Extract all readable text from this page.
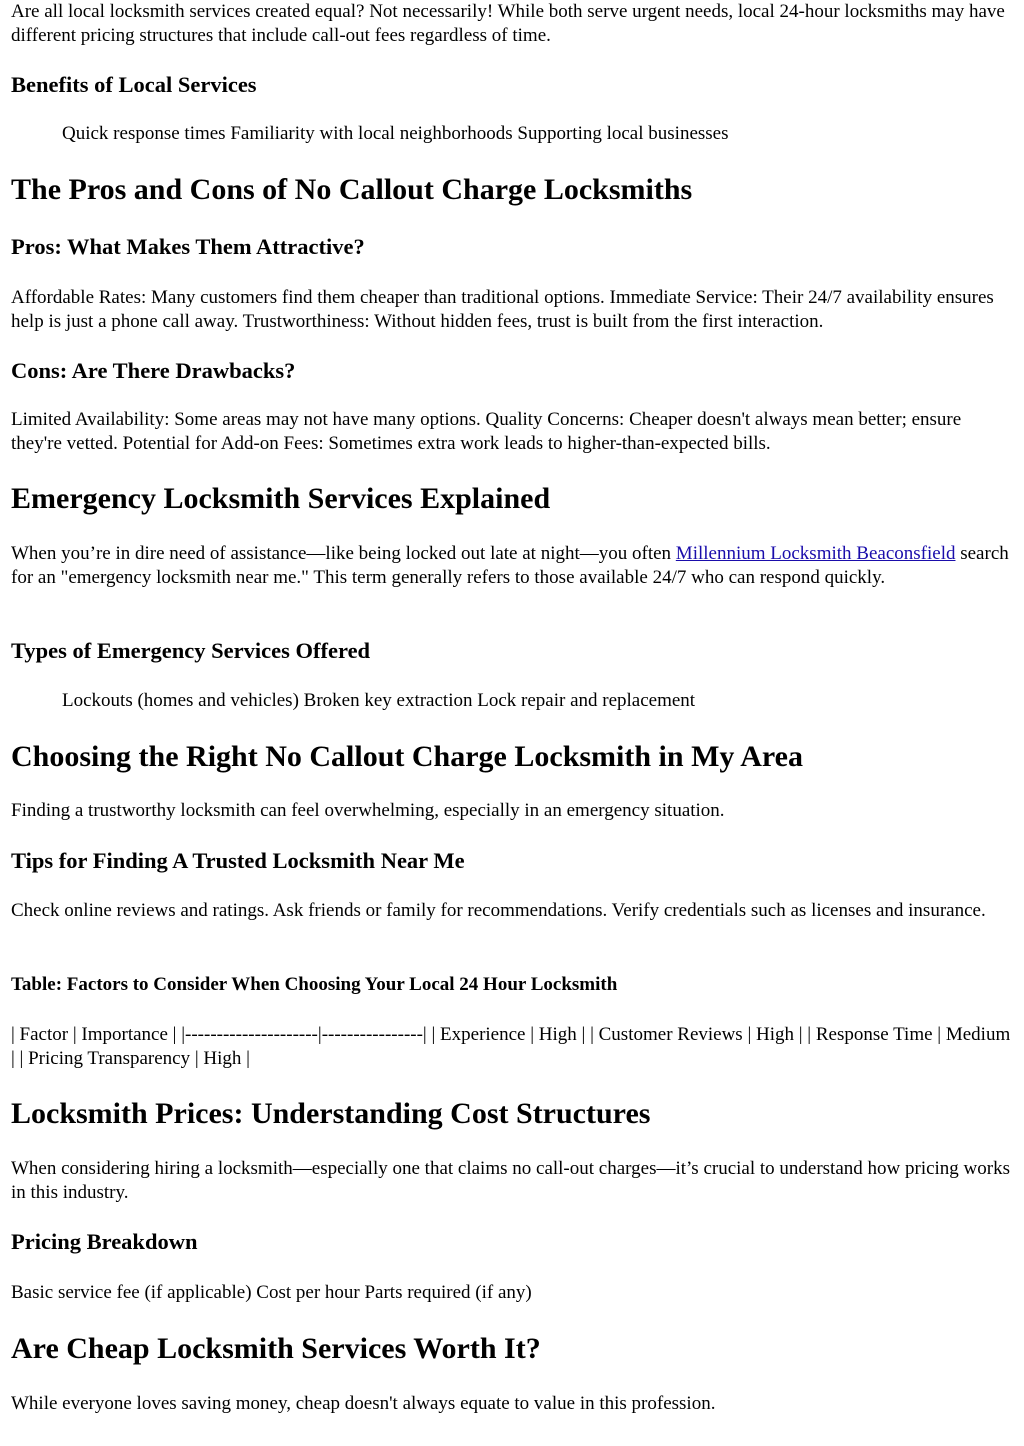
Are all local locksmith services created equal? Not necessarily! While both serve urgent needs, local 24-hour locksmiths may have different pricing structures that include call-out fees regardless of time.

Benefits of Local Services

Quick response times Familiarity with local neighborhoods Supporting local businesses

The Pros and Cons of No Callout Charge Locksmiths
Pros: What Makes Them Attractive?

Affordable Rates: Many customers find them cheaper than traditional options. Immediate Service: Their 24/7 availability ensures help is just a phone call away. Trustworthiness: Without hidden fees, trust is built from the first interaction.

Cons: Are There Drawbacks?

Limited Availability: Some areas may not have many options. Quality Concerns: Cheaper doesn't always mean better; ensure they're vetted. Potential for Add-on Fees: Sometimes extra work leads to higher-than-expected bills.

Emergency Locksmith Services Explained

When you’re in dire need of assistance—like being locked out late at night—you often Millennium Locksmith Beaconsfield search for an "emergency locksmith near me." This term generally refers to those available 24/7 who can respond quickly.

Types of Emergency Services Offered

Lockouts (homes and vehicles) Broken key extraction Lock repair and replacement

Choosing the Right No Callout Charge Locksmith in My Area

Finding a trustworthy locksmith can feel overwhelming, especially in an emergency situation.

Tips for Finding A Trusted Locksmith Near Me

Check online reviews and ratings. Ask friends or family for recommendations. Verify credentials such as licenses and insurance.

Table: Factors to Consider When Choosing Your Local 24 Hour Locksmith

| Factor | Importance | |---------------------|----------------| | Experience | High | | Customer Reviews | High | | Response Time | Medium | | Pricing Transparency | High |

Locksmith Prices: Understanding Cost Structures

When considering hiring a locksmith—especially one that claims no call-out charges—it’s crucial to understand how pricing works in this industry.

Pricing Breakdown

Basic service fee (if applicable) Cost per hour Parts required (if any)

Are Cheap Locksmith Services Worth It?

While everyone loves saving money, cheap doesn't always equate to value in this profession.
